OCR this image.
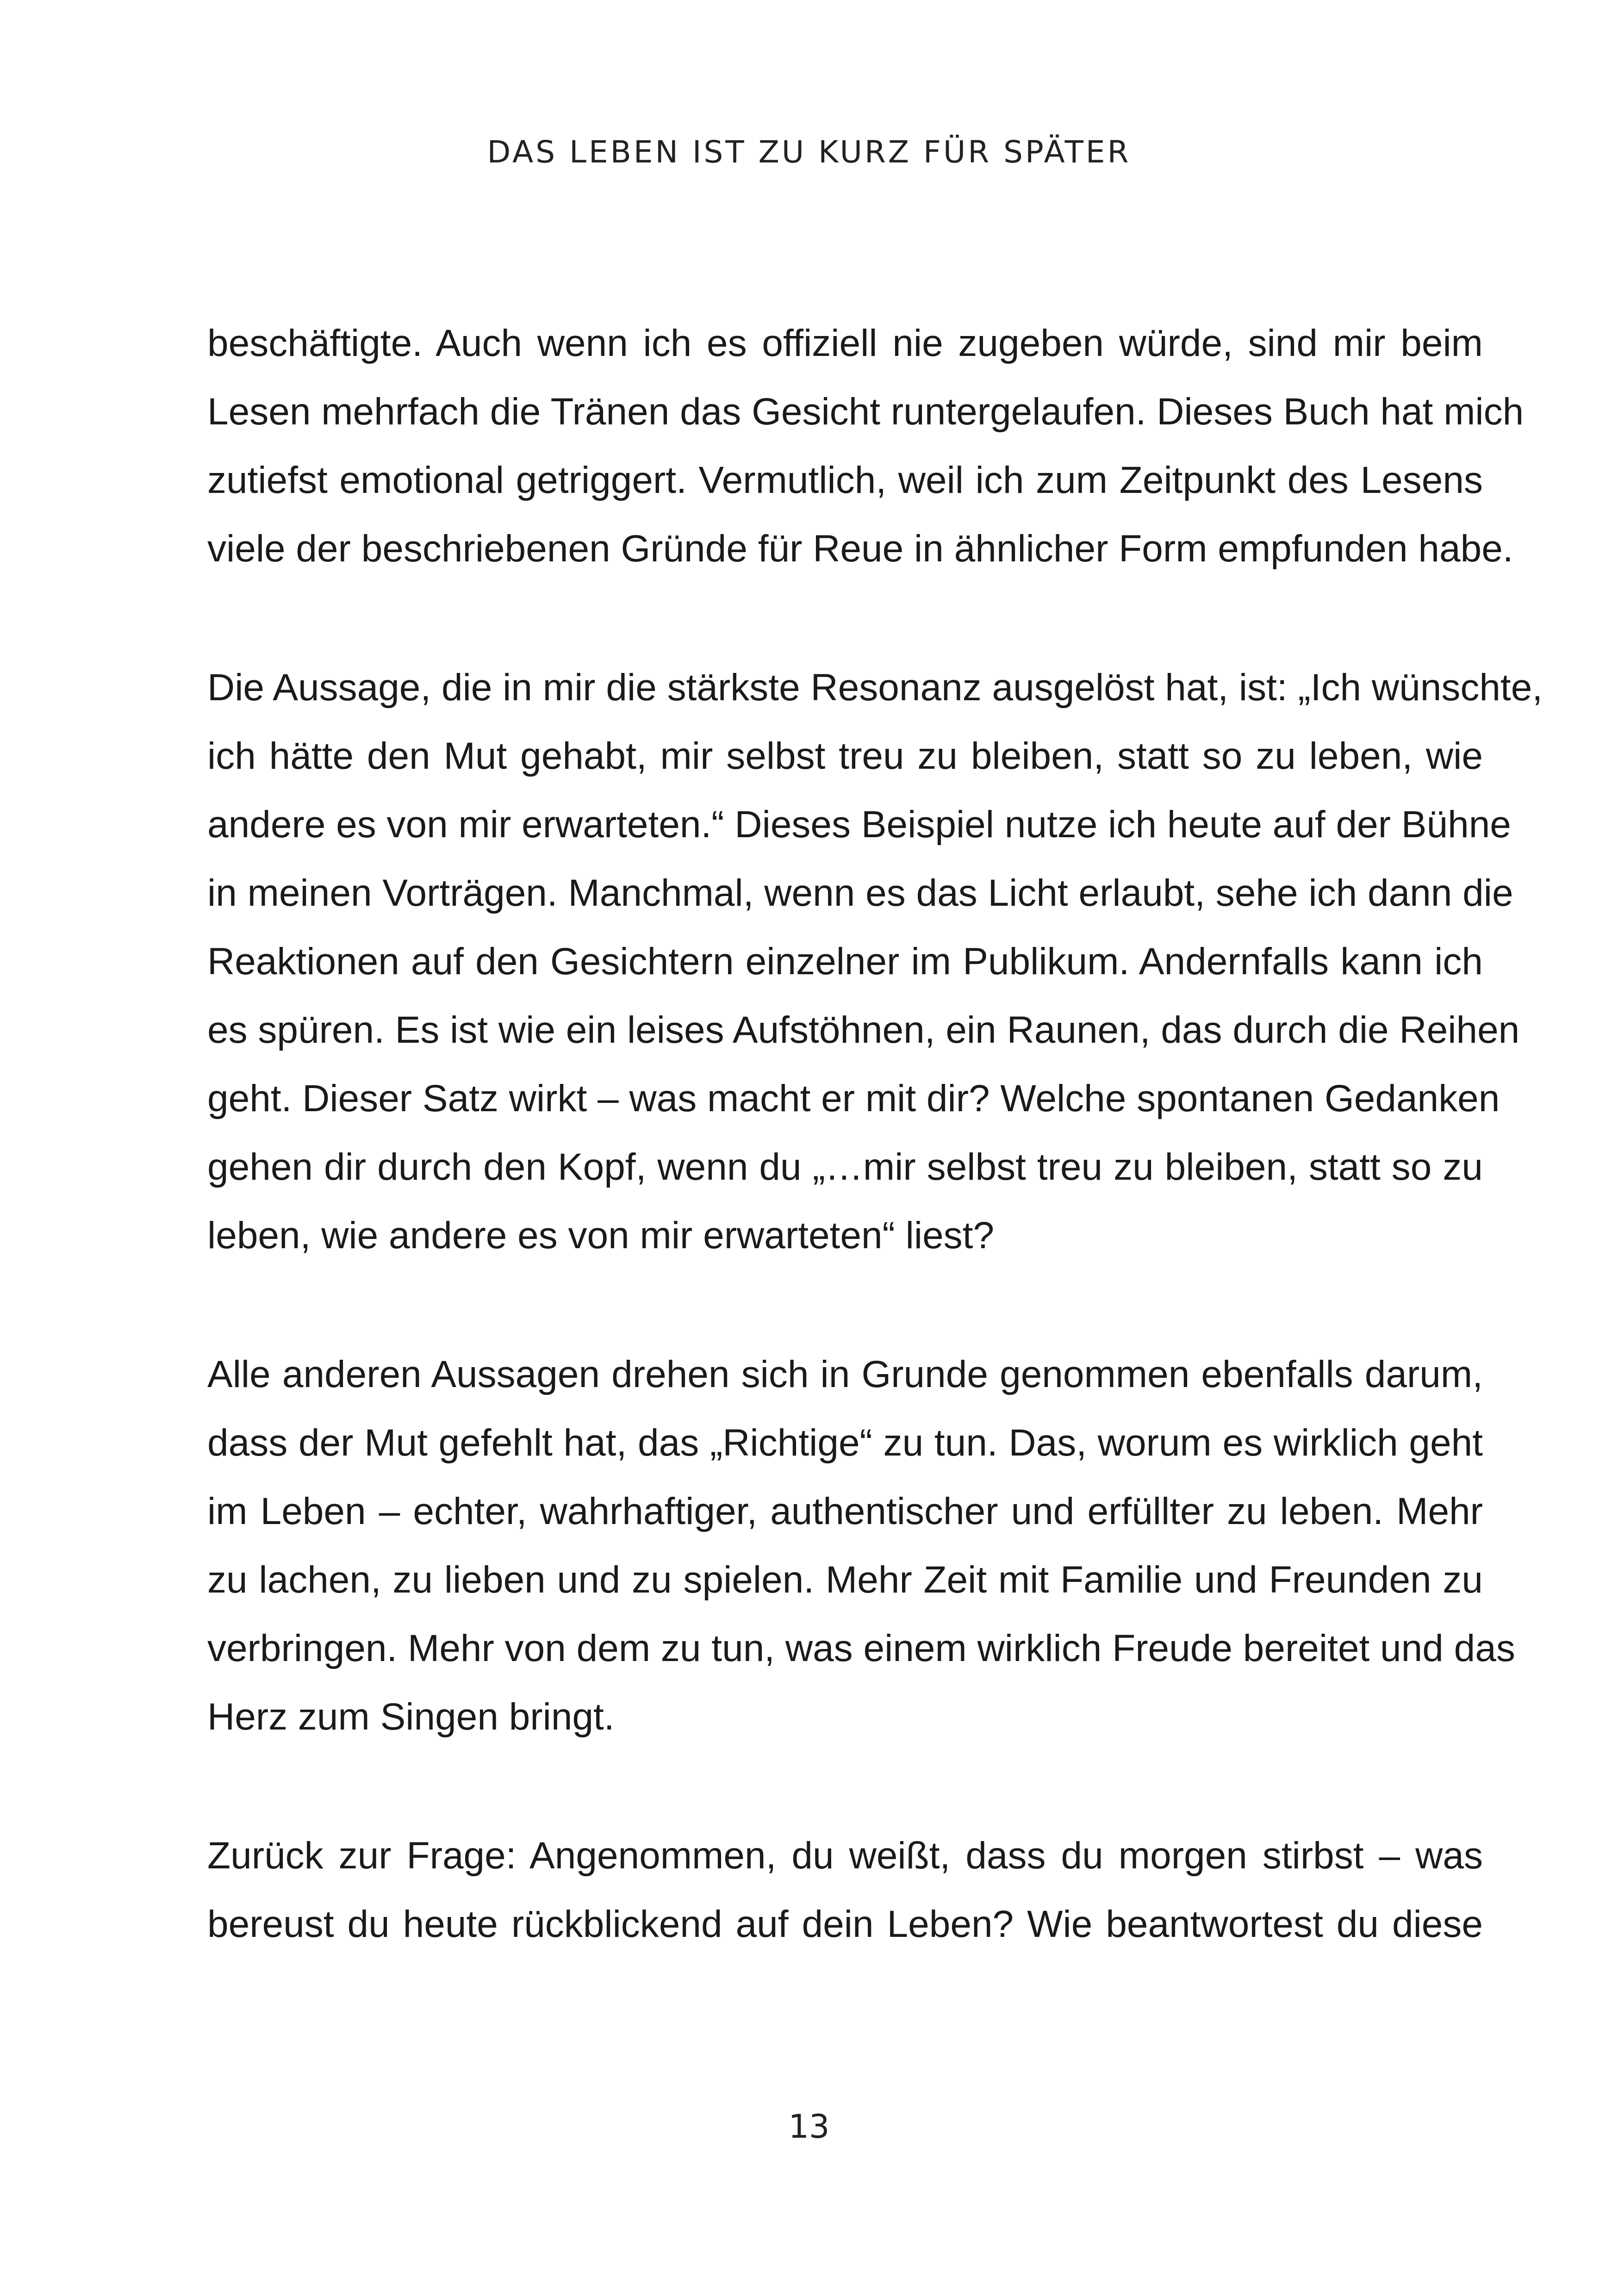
DAS LEBEN IST ZU KURZ FÜR SPÄTER

beschäftigte. Auch wenn ich es offiziell nie zugeben würde, sind mir beim
Lesen mehrfach die Tränen das Gesicht runtergelaufen. Dieses Buch hat mich
zutiefst emotional getriggert. Vermutlich, weil ich zum Zeitpunkt des Lesens
viele der beschriebenen Gründe für Reue in ähnlicher Form empfunden habe.

Die Aussage, die in mir die stärkste Resonanz ausgelöst hat, ist: „Ich wünschte,
ich hätte den Mut gehabt, mir selbst treu zu bleiben, statt so zu leben, wie
andere es von mir erwarteten.“ Dieses Beispiel nutze ich heute auf der Bühne
in meinen Vorträgen. Manchmal, wenn es das Licht erlaubt, sehe ich dann die
Reaktionen auf den Gesichtern einzelner im Publikum. Andernfalls kann ich
es spüren. Es ist wie ein leises Aufstöhnen, ein Raunen, das durch die Reihen
geht. Dieser Satz wirkt – was macht er mit dir? Welche spontanen Gedanken
gehen dir durch den Kopf, wenn du „…mir selbst treu zu bleiben, statt so zu
leben, wie andere es von mir erwarteten“ liest?

Alle anderen Aussagen drehen sich in Grunde genommen ebenfalls darum,
dass der Mut gefehlt hat, das „Richtige“ zu tun. Das, worum es wirklich geht
im Leben – echter, wahrhaftiger, authentischer und erfüllter zu leben. Mehr
zu lachen, zu lieben und zu spielen. Mehr Zeit mit Familie und Freunden zu
verbringen. Mehr von dem zu tun, was einem wirklich Freude bereitet und das
Herz zum Singen bringt.

Zurück zur Frage: Angenommen, du weißt, dass du morgen stirbst – was
bereust du heute rückblickend auf dein Leben? Wie beantwortest du diese

13
